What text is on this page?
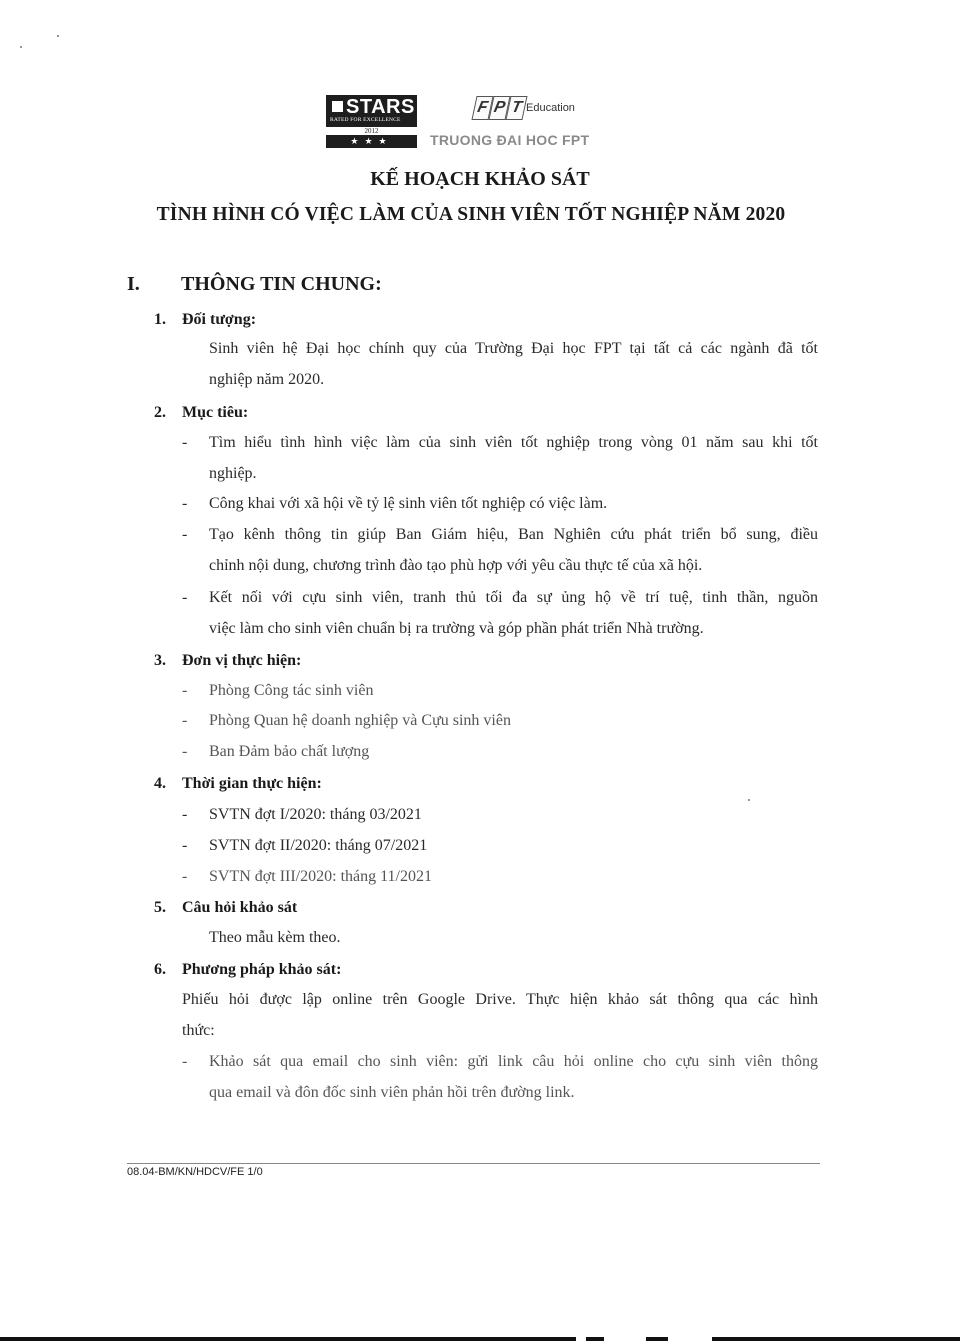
STARS
RATED FOR EXCELLENCE
2012
★★★
F P T Education
TRUONG ĐAI HOC FPT
KẾ HOẠCH KHẢO SÁT
TÌNH HÌNH CÓ VIỆC LÀM CỦA SINH VIÊN TỐT NGHIỆP NĂM 2020
I. THÔNG TIN CHUNG:
1. Đối tượng:
Sinh viên hệ Đại học chính quy của Trường Đại học FPT tại tất cả các ngành đã tốt
nghiệp năm 2020.
2. Mục tiêu:
- Tìm hiểu tình hình việc làm của sinh viên tốt nghiệp trong vòng 01 năm sau khi tốt
nghiệp.
- Công khai với xã hội về tỷ lệ sinh viên tốt nghiệp có việc làm.
- Tạo kênh thông tin giúp Ban Giám hiệu, Ban Nghiên cứu phát triển bổ sung, điều
chỉnh nội dung, chương trình đào tạo phù hợp với yêu cầu thực tế của xã hội.
- Kết nối với cựu sinh viên, tranh thủ tối đa sự ủng hộ về trí tuệ, tinh thần, nguồn
việc làm cho sinh viên chuẩn bị ra trường và góp phần phát triển Nhà trường.
3. Đơn vị thực hiện:
- Phòng Công tác sinh viên
- Phòng Quan hệ doanh nghiệp và Cựu sinh viên
- Ban Đảm bảo chất lượng
4. Thời gian thực hiện:
- SVTN đợt I/2020: tháng 03/2021
- SVTN đợt II/2020: tháng 07/2021
- SVTN đợt III/2020: tháng 11/2021
5. Câu hỏi khảo sát
Theo mẫu kèm theo.
6. Phương pháp khảo sát:
Phiếu hỏi được lập online trên Google Drive. Thực hiện khảo sát thông qua các hình
thức:
- Khảo sát qua email cho sinh viên: gửi link câu hỏi online cho cựu sinh viên thông
qua email và đôn đốc sinh viên phản hồi trên đường link.
08.04-BM/KN/HDCV/FE 1/0
